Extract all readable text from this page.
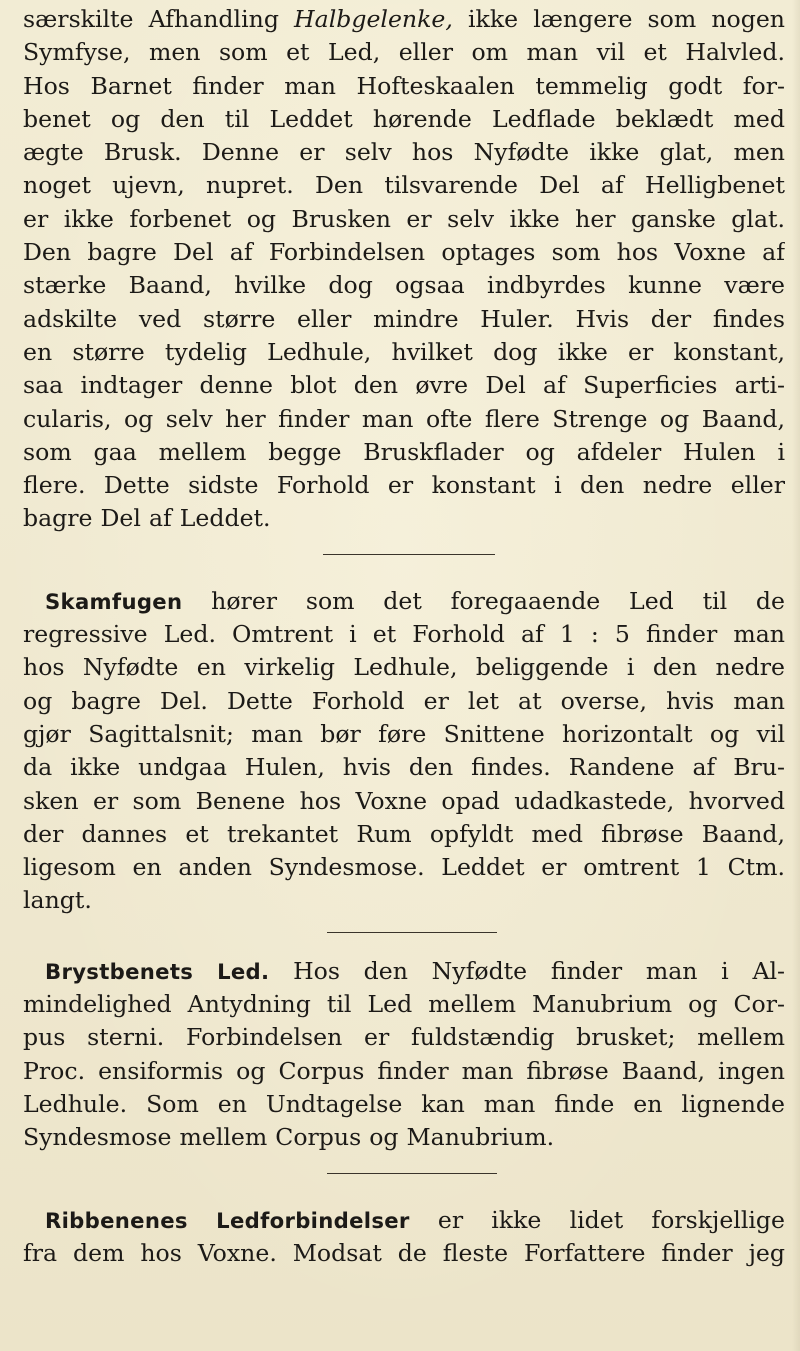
særskilte Afhandling Halbgelenke, ikke længere som nogen
Symfyse, men som et Led, eller om man vil et Halvled.
Hos Barnet finder man Hofteskaalen temmelig godt for-
benet og den til Leddet hørende Ledflade beklædt med
ægte Brusk. Denne er selv hos Nyfødte ikke glat, men
noget ujevn, nupret. Den tilsvarende Del af Helligbenet
er ikke forbenet og Brusken er selv ikke her ganske glat.
Den bagre Del af Forbindelsen optages som hos Voxne af
stærke Baand, hvilke dog ogsaa indbyrdes kunne være
adskilte ved større eller mindre Huler. Hvis der findes
en større tydelig Ledhule, hvilket dog ikke er konstant,
saa indtager denne blot den øvre Del af Superficies arti-
cularis, og selv her finder man ofte flere Strenge og Baand,
som gaa mellem begge Bruskflader og afdeler Hulen i
flere. Dette sidste Forhold er konstant i den nedre eller
bagre Del af Leddet.

Skamfugen hører som det foregaaende Led til de
regressive Led. Omtrent i et Forhold af 1 : 5 finder man
hos Nyfødte en virkelig Ledhule, beliggende i den nedre
og bagre Del. Dette Forhold er let at overse, hvis man
gjør Sagittalsnit; man bør føre Snittene horizontalt og vil
da ikke undgaa Hulen, hvis den findes. Randene af Bru-
sken er som Benene hos Voxne opad udadkastede, hvorved
der dannes et trekantet Rum opfyldt med fibrøse Baand,
ligesom en anden Syndesmose. Leddet er omtrent 1 Ctm.
langt.

Brystbenets Led. Hos den Nyfødte finder man i Al-
mindelighed Antydning til Led mellem Manubrium og Cor-
pus sterni. Forbindelsen er fuldstændig brusket; mellem
Proc. ensiformis og Corpus finder man fibrøse Baand, ingen
Ledhule. Som en Undtagelse kan man finde en lignende
Syndesmose mellem Corpus og Manubrium.

Ribbenenes Ledforbindelser er ikke lidet forskjellige
fra dem hos Voxne. Modsat de fleste Forfattere finder jeg
